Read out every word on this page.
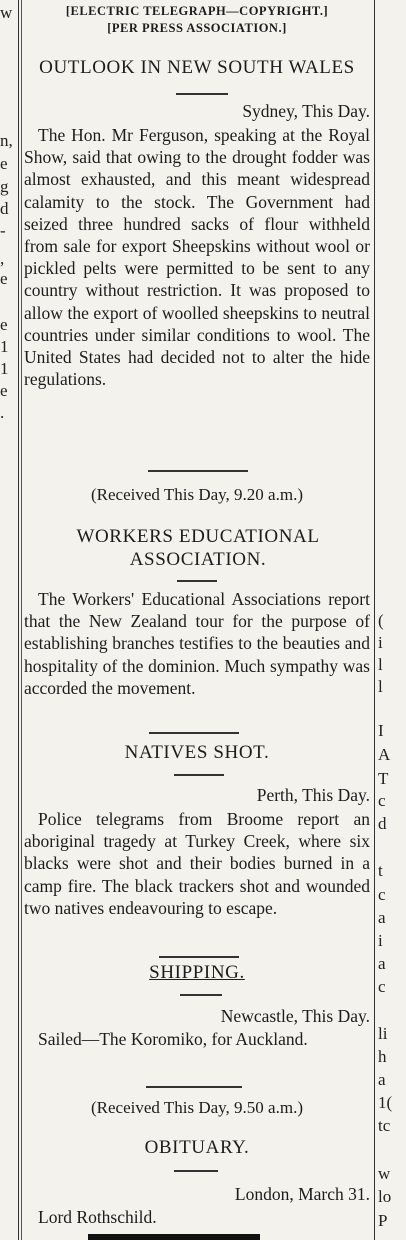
w
n,
e
g
d
-
,
e
e
1
1
e
.
[ELECTRIC TELEGRAPH—COPYRIGHT.]
[PER PRESS ASSOCIATION.]
OUTLOOK IN NEW SOUTH WALES
Sydney, This Day.
The Hon. Mr Ferguson, speaking at the Royal Show, said that owing to the drought fodder was almost exhausted, and this meant widespread calamity to the stock. The Government had seized three hundred sacks of flour withheld from sale for export Sheepskins without wool or pickled pelts were permitted to be sent to any country without restriction. It was proposed to allow the export of woolled sheepskins to neutral countries under similar conditions to wool. The United States had decided not to alter the hide regulations.
(Received This Day, 9.20 a.m.)
WORKERS EDUCATIONAL ASSOCIATION.
The Workers' Educational Associations report that the New Zealand tour for the purpose of establishing branches testifies to the beauties and hospitality of the dominion. Much sympathy was accorded the movement.
NATIVES SHOT.
Perth, This Day.
Police telegrams from Broome report an aboriginal tragedy at Turkey Creek, where six blacks were shot and their bodies burned in a camp fire. The black trackers shot and wounded two natives endeavouring to escape.
SHIPPING.
Newcastle, This Day.
Sailed—The Koromiko, for Auckland.
(Received This Day, 9.50 a.m.)
OBITUARY.
London, March 31.
Lord Rothschild.
(
i
l
l
I
A
T
c
d
t
c
a
i
a
c
li
h
a
1(
tc
w
lo
P
